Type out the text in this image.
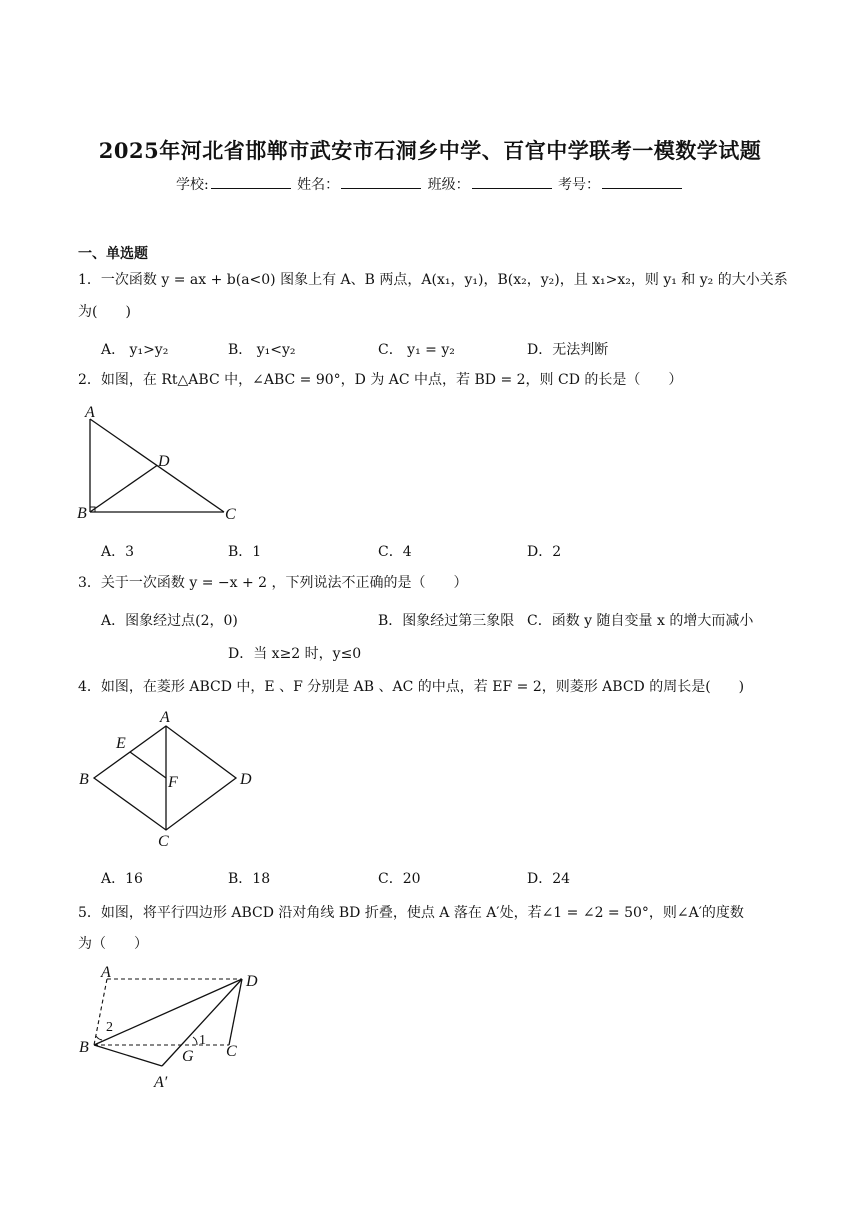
2025年河北省邯郸市武安市石洞乡中学、百官中学联考一模数学试题
学校:	姓名：	班级：	考号：
一、单选题
1．一次函数 y = ax + b(a<0) 图象上有 A、B 两点，A(x₁，y₁)，B(x₂，y₂)，且 x₁>x₂，则 y₁ 和 y₂ 的大小关系
为(　　)
A． y₁>y₂	B． y₁<y₂	C． y₁ = y₂	D．无法判断
2．如图，在 Rt△ABC 中，∠ABC = 90°，D 为 AC 中点，若 BD = 2，则 CD 的长是（　　）
A
B	C
D
A．3	B．1	C．4	D．2
3．关于一次函数 y = −x + 2 ，下列说法不正确的是（　　）
A．图象经过点(2，0)	B．图象经过第三象限 C．函数 y 随自变量 x 的增大而减小
D．当 x≥2 时，y≤0
4．如图，在菱形 ABCD 中，E 、F 分别是 AB 、AC 的中点，若 EF = 2，则菱形 ABCD 的周长是(　　)
A
B
C
D
E
F
A．16	B．18	C．20	D．24
5．如图，将平行四边形 ABCD 沿对角线 BD 折叠，使点 A 落在 A′处，若∠1 = ∠2 = 50°，则∠A′的度数
为（　　）
A
B	C
D
G
A′
1
2
